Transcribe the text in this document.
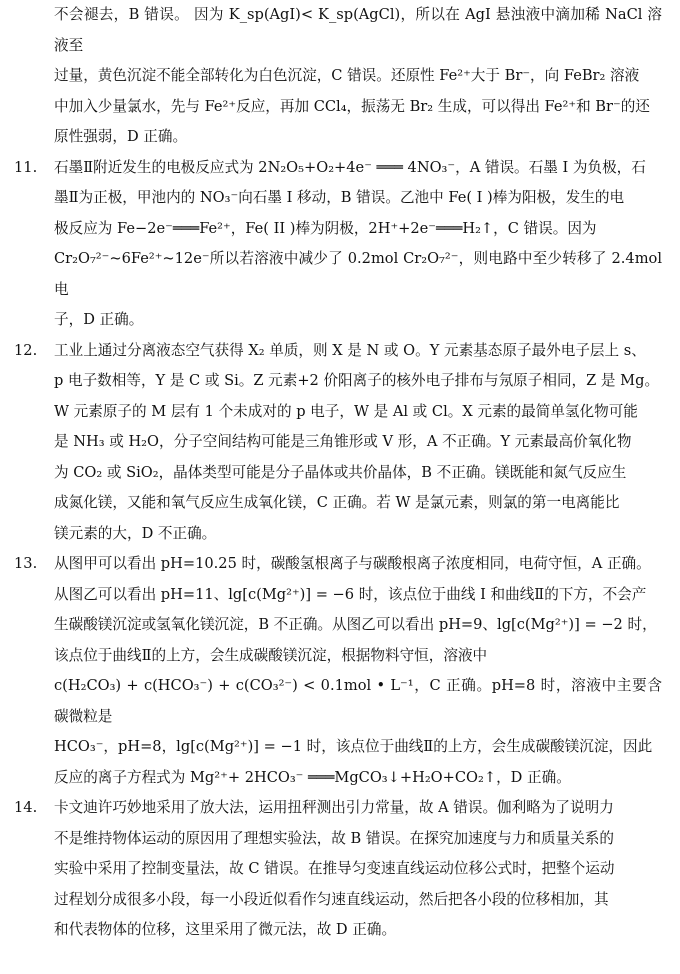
不会褪去，B 错误。 因为 K_sp(AgI)< K_sp(AgCl)，所以在 AgI 悬浊液中滴加稀 NaCl 溶液至

过量，黄色沉淀不能全部转化为白色沉淀，C 错误。还原性 Fe²⁺大于 Br⁻，向 FeBr₂ 溶液

中加入少量氯水，先与 Fe²⁺反应，再加 CCl₄，振荡无 Br₂ 生成，可以得出 Fe²⁺和 Br⁻的还

原性强弱，D 正确。

11.	石墨Ⅱ附近发生的电极反应式为 2N₂O₅+O₂+4e⁻ ═══ 4NO₃⁻，A 错误。石墨 I 为负极，石

墨Ⅱ为正极，甲池内的 NO₃⁻向石墨 I 移动，B 错误。乙池中 Fe( I )棒为阳极，发生的电

极反应为 Fe−2e⁻═══Fe²⁺，Fe( II )棒为阴极，2H⁺+2e⁻═══H₂↑，C 错误。因为

Cr₂O₇²⁻~6Fe²⁺~12e⁻所以若溶液中减少了 0.2mol Cr₂O₇²⁻，则电路中至少转移了 2.4mol 电

子，D 正确。

12.	工业上通过分离液态空气获得 X₂ 单质，则 X 是 N 或 O。Y 元素基态原子最外电子层上 s、

p 电子数相等，Y 是 C 或 Si。Z 元素+2 价阳离子的核外电子排布与氖原子相同，Z 是 Mg。

W 元素原子的 M 层有 1 个未成对的 p 电子，W 是 Al 或 Cl。X 元素的最简单氢化物可能

是 NH₃ 或 H₂O，分子空间结构可能是三角锥形或 V 形，A 不正确。Y 元素最高价氧化物

为 CO₂ 或 SiO₂，晶体类型可能是分子晶体或共价晶体，B 不正确。镁既能和氮气反应生

成氮化镁，又能和氧气反应生成氧化镁，C 正确。若 W 是氯元素，则氯的第一电离能比

镁元素的大，D 不正确。

13.	从图甲可以看出 pH=10.25 时，碳酸氢根离子与碳酸根离子浓度相同，电荷守恒，A 正确。

从图乙可以看出 pH=11、lg[c(Mg²⁺)] = −6 时，该点位于曲线 I 和曲线Ⅱ的下方，不会产

生碳酸镁沉淀或氢氧化镁沉淀，B 不正确。从图乙可以看出 pH=9、lg[c(Mg²⁺)] = −2 时，

该点位于曲线Ⅱ的上方，会生成碳酸镁沉淀，根据物料守恒，溶液中

c(H₂CO₃) + c(HCO₃⁻) + c(CO₃²⁻) < 0.1mol • L⁻¹，C 正确。pH=8 时，溶液中主要含碳微粒是

HCO₃⁻，pH=8，lg[c(Mg²⁺)] = −1 时，该点位于曲线Ⅱ的上方，会生成碳酸镁沉淀，因此

反应的离子方程式为 Mg²⁺+ 2HCO₃⁻ ═══MgCO₃↓+H₂O+CO₂↑，D 正确。

14.	卡文迪许巧妙地采用了放大法，运用扭秤测出引力常量，故 A 错误。伽利略为了说明力

不是维持物体运动的原因用了理想实验法，故 B 错误。在探究加速度与力和质量关系的

实验中采用了控制变量法，故 C 错误。在推导匀变速直线运动位移公式时，把整个运动

过程划分成很多小段，每一小段近似看作匀速直线运动，然后把各小段的位移相加，其

和代表物体的位移，这里采用了微元法，故 D 正确。
